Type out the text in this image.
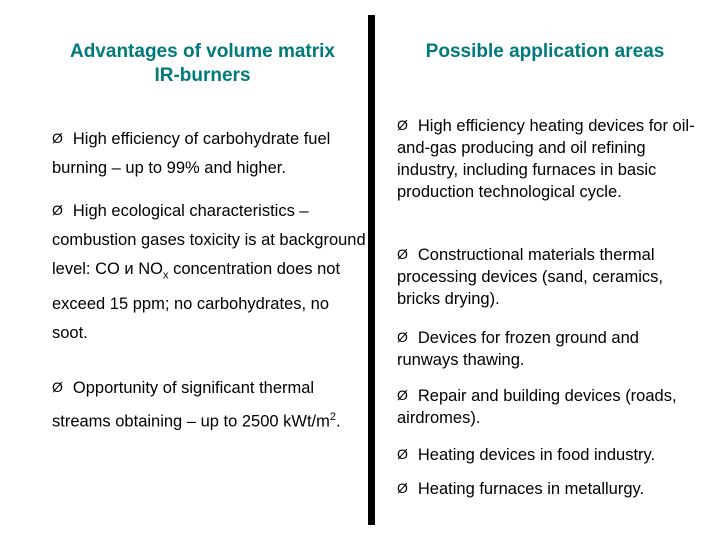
Advantages of volume matrix IR-burners
Possible application areas
Ø High efficiency of carbohydrate fuel burning – up to 99% and higher.
Ø High ecological characteristics – combustion gases toxicity is at background level: CO и $NO_x$ concentration does not exceed 15 ppm; no carbohydrates, no soot.
Ø Opportunity of significant thermal streams obtaining – up to 2500 kWt/$m^2$.
Ø High efficiency heating devices for oil-and-gas producing and oil refining industry, including furnaces in basic production technological cycle.
Ø Constructional materials thermal processing devices (sand, ceramics, bricks drying).
Ø Devices for frozen ground and runways thawing.
Ø Repair and building devices (roads, airdromes).
Ø Heating devices in food industry.
Ø Heating furnaces in metallurgy.
